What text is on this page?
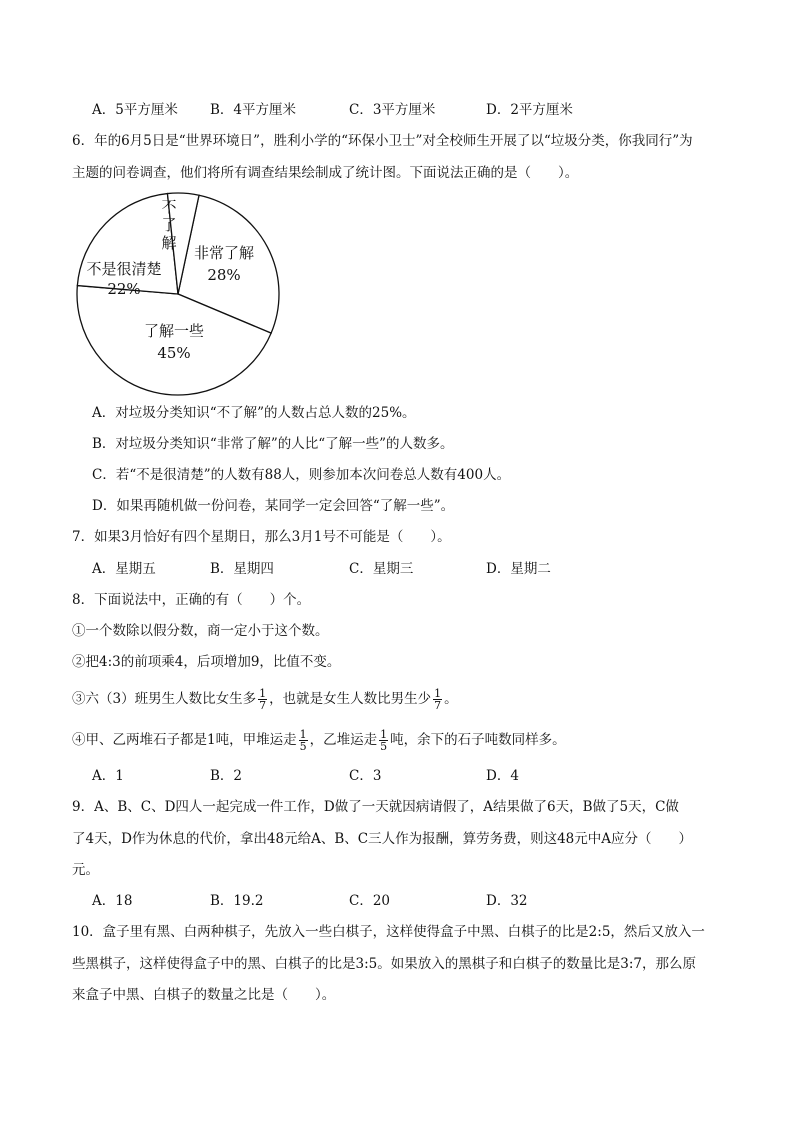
A．5平方厘米 B．4平方厘米	C．3平方厘米	D．2平方厘米
6．年的6月5日是“世界环境日”，胜利小学的“环保小卫士”对全校师生开展了以“垃圾分类，你我同行”为
主题的问卷调查，他们将所有调查结果绘制成了统计图。下面说法正确的是（　　）。
不
了
解
非常了解
28%
了解一些
45%
不是很清楚
22%
A．对垃圾分类知识“不了解”的人数占总人数的25%。
B．对垃圾分类知识“非常了解”的人比“了解一些”的人数多。
C．若“不是很清楚”的人数有88人，则参加本次问卷总人数有400人。
D．如果再随机做一份问卷，某同学一定会回答“了解一些”。
7．如果3月恰好有四个星期日，那么3月1号不可能是（　　）。
A．星期五	B．星期四	C．星期三	D．星期二
8．下面说法中，正确的有（　　）个。
①一个数除以假分数，商一定小于这个数。
②把4:3的前项乘4，后项增加9，比值不变。
③六（3）班男生人数比女生多 $\frac{1}{7}$ ，也就是女生人数比男生少 $\frac{1}{7}$ 。
④甲、乙两堆石子都是1吨，甲堆运走 $\frac{1}{5}$ ，乙堆运走 $\frac{1}{5}$ 吨，余下的石子吨数同样多。
A．1	B．2	C．3	D．4
9．A、B、C、D四人一起完成一件工作，D做了一天就因病请假了，A结果做了6天，B做了5天，C做
了4天，D作为休息的代价，拿出48元给A、B、C三人作为报酬，算劳务费，则这48元中A应分（　　）
元。
A．18	B．19.2	C．20	D．32
10．盒子里有黑、白两种棋子，先放入一些白棋子，这样使得盒子中黑、白棋子的比是2:5，然后又放入一
些黑棋子，这样使得盒子中的黑、白棋子的比是3:5。如果放入的黑棋子和白棋子的数量比是3:7，那么原
来盒子中黑、白棋子的数量之比是（　　）。
